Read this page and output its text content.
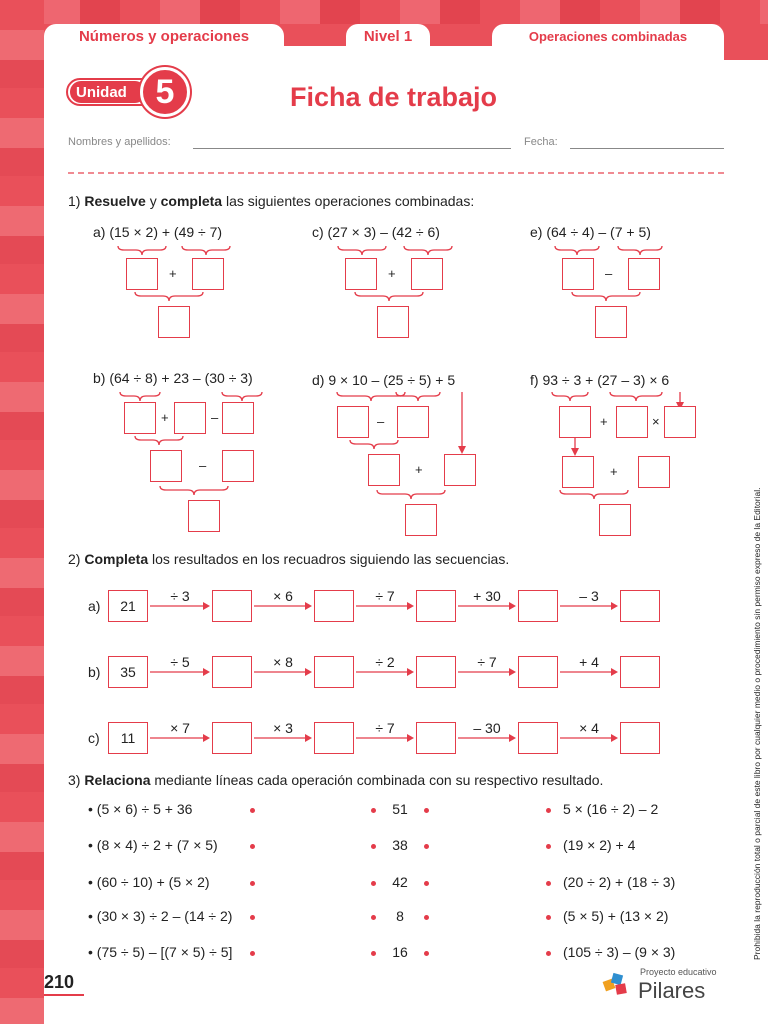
Números y operaciones	Nivel 1	Operaciones combinadas
Unidad 5	Ficha de trabajo
Nombres y apellidos:	Fecha:
1) Resuelve y completa las siguientes operaciones combinadas:
a) (15 × 2) + (49 ÷ 7)	c) (27 × 3) – (42 ÷ 6)	e) (64 ÷ 4) – (7 + 5)
b) (64 ÷ 8) + 23 – (30 ÷ 3)	d) 9 × 10 – (25 ÷ 5) + 5	f) 93 ÷ 3 + (27 – 3) × 6
+	+	–
+	–
–
–
+
+	×
+
2) Completa los resultados en los recuadros siguiendo las secuencias.
a)	21
÷ 3	× 6	÷ 7	+ 30	– 3
b)	35
÷ 5	× 8	÷ 2	÷ 7	+ 4
c)	11
× 7	× 3	÷ 7	– 30	× 4
3) Relaciona mediante líneas cada operación combinada con su respectivo resultado.
• (5 × 6) ÷ 5 + 36	51	5 × (16 ÷ 2) – 2
• (8 × 4) ÷ 2 + (7 × 5)	38	(19 × 2) + 4
• (60 ÷ 10) + (5 × 2)	42	(20 ÷ 2) + (18 ÷ 3)
• (30 × 3) ÷ 2 – (14 ÷ 2)	8	(5 × 5) + (13 × 2)
• (75 ÷ 5) – [(7 × 5) ÷ 5]	16	(105 ÷ 3) – (9 × 3)	Prohibida la reproducción total o parcial de este libro por cualquier medio o procedimiento sin permiso expreso de la Editorial.
210	Proyecto educativo
Pilares
